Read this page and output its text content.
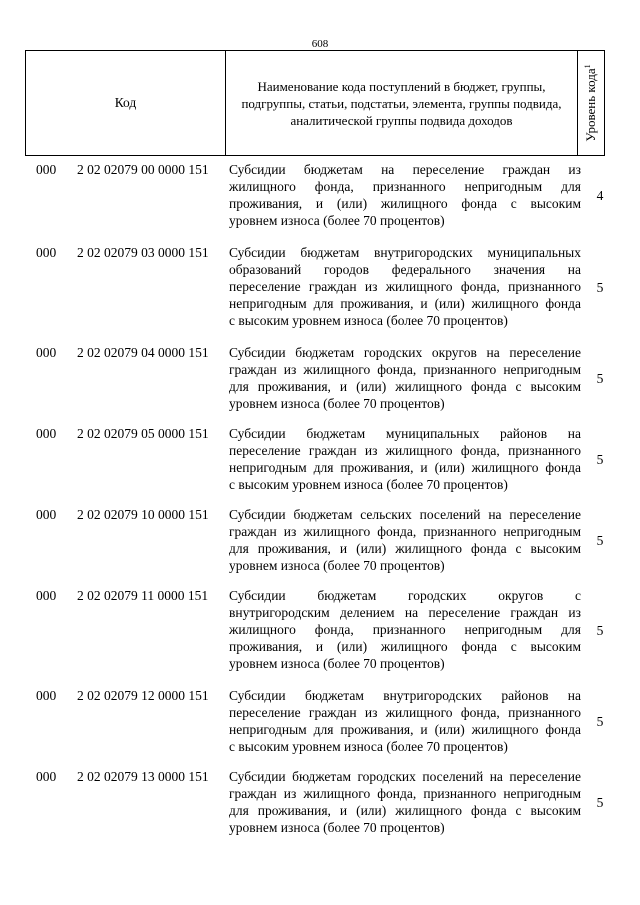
608
Код
Наименование кода поступлений в бюджет, группы, подгруппы, статьи, подстатьи, элемента, группы подвида, аналитической группы подвида доходов	Уровень кода$^1$
000 2 02 02079 00 0000 151 Субсидии бюджетам на переселение граждан из
жилищного фонда, признанного непригодным для
проживания, и (или) жилищного фонда с высоким
уровнем износа (более 70 процентов)
4
000 2 02 02079 03 0000 151 Субсидии бюджетам внутригородских муниципальных
образований городов федерального значения на
переселение граждан из жилищного фонда, признанного
непригодным для проживания, и (или) жилищного фонда
с высоким уровнем износа (более 70 процентов)
5
000 2 02 02079 04 0000 151 Субсидии бюджетам городских округов на переселение
граждан из жилищного фонда, признанного непригодным
для проживания, и (или) жилищного фонда с высоким
уровнем износа (более 70 процентов)
5
000 2 02 02079 05 0000 151 Субсидии бюджетам муниципальных районов на
переселение граждан из жилищного фонда, признанного
непригодным для проживания, и (или) жилищного фонда
с высоким уровнем износа (более 70 процентов)
5
000 2 02 02079 10 0000 151 Субсидии бюджетам сельских поселений на переселение
граждан из жилищного фонда, признанного непригодным
для проживания, и (или) жилищного фонда с высоким
уровнем износа (более 70 процентов)
5
000 2 02 02079 11 0000 151 Субсидии бюджетам городских округов с
внутригородским делением на переселение граждан из
жилищного фонда, признанного непригодным для
проживания, и (или) жилищного фонда с высоким
уровнем износа (более 70 процентов)
5
000 2 02 02079 12 0000 151 Субсидии бюджетам внутригородских районов на
переселение граждан из жилищного фонда, признанного
непригодным для проживания, и (или) жилищного фонда
с высоким уровнем износа (более 70 процентов)
5
000 2 02 02079 13 0000 151 Субсидии бюджетам городских поселений на переселение
граждан из жилищного фонда, признанного непригодным
для проживания, и (или) жилищного фонда с высоким
уровнем износа (более 70 процентов)
5
